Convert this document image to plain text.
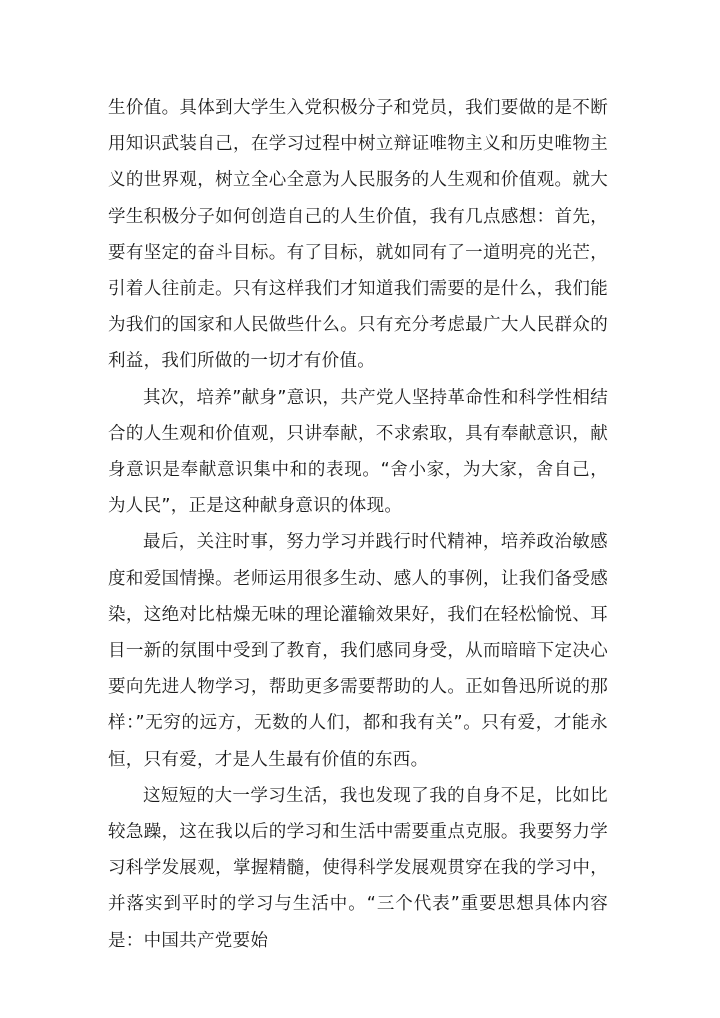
生价值。具体到大学生入党积极分子和党员，我们要做的是不断用知识武装自己，在学习过程中树立辩证唯物主义和历史唯物主义的世界观，树立全心全意为人民服务的人生观和价值观。就大学生积极分子如何创造自己的人生价值，我有几点感想：首先，要有坚定的奋斗目标。有了目标，就如同有了一道明亮的光芒，引着人往前走。只有这样我们才知道我们需要的是什么，我们能为我们的国家和人民做些什么。只有充分考虑最广大人民群众的利益，我们所做的一切才有价值。

其次，培养”献身”意识，共产党人坚持革命性和科学性相结合的人生观和价值观，只讲奉献，不求索取，具有奉献意识，献身意识是奉献意识集中和的表现。“舍小家，为大家，舍自己，为人民”，正是这种献身意识的体现。

最后，关注时事，努力学习并践行时代精神，培养政治敏感度和爱国情操。老师运用很多生动、感人的事例，让我们备受感染，这绝对比枯燥无味的理论灌输效果好，我们在轻松愉悦、耳目一新的氛围中受到了教育，我们感同身受，从而暗暗下定决心要向先进人物学习，帮助更多需要帮助的人。正如鲁迅所说的那样：”无穷的远方，无数的人们，都和我有关”。只有爱，才能永恒，只有爱，才是人生最有价值的东西。

这短短的大一学习生活，我也发现了我的自身不足，比如比较急躁，这在我以后的学习和生活中需要重点克服。我要努力学习科学发展观，掌握精髓，使得科学发展观贯穿在我的学习中，并落实到平时的学习与生活中。“三个代表”重要思想具体内容是：中国共产党要始
